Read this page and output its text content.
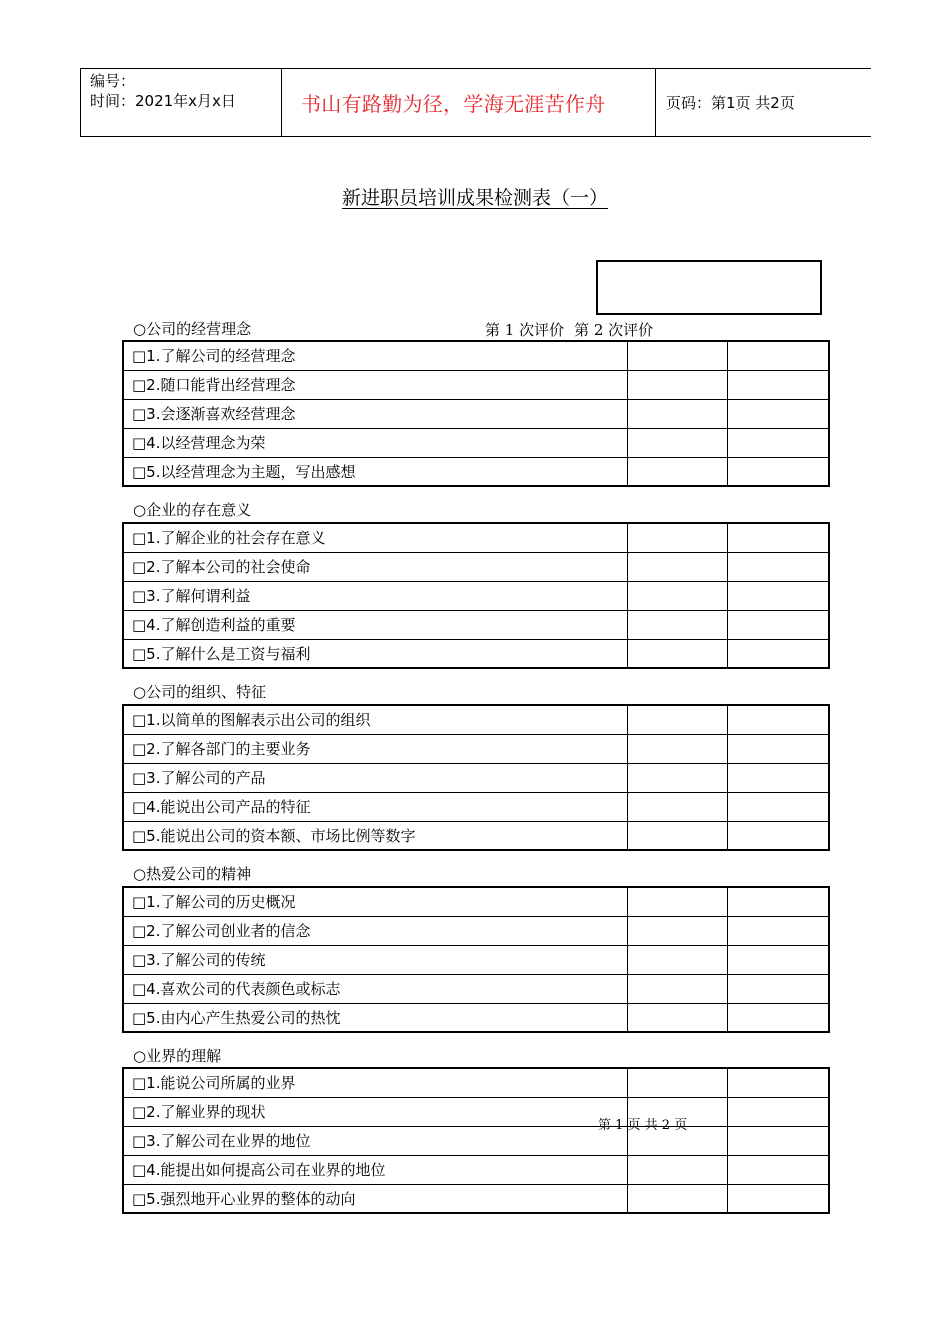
编号：
时间：2021年x月x日	书山有路勤为径，学海无涯苦作舟	页码：第1页 共2页
新进职员培训成果检测表（一）
第 1 次评价 第 2 次评价
○公司的经营理念
□1.了解公司的经营理念		
□2.随口能背出经营理念		
□3.会逐渐喜欢经营理念		
□4.以经营理念为荣		
□5.以经营理念为主题，写出感想		
○企业的存在意义
□1.了解企业的社会存在意义		
□2.了解本公司的社会使命		
□3.了解何谓利益		
□4.了解创造利益的重要		
□5.了解什么是工资与福利		
○公司的组织、特征
□1.以简单的图解表示出公司的组织		
□2.了解各部门的主要业务		
□3.了解公司的产品		
□4.能说出公司产品的特征		
□5.能说出公司的资本额、市场比例等数字		
○热爱公司的精神
□1.了解公司的历史概况		
□2.了解公司创业者的信念		
□3.了解公司的传统		
□4.喜欢公司的代表颜色或标志		
□5.由内心产生热爱公司的热忱		
○业界的理解
□1.能说公司所属的业界		
□2.了解业界的现状		
□3.了解公司在业界的地位		
□4.能提出如何提高公司在业界的地位		
□5.强烈地开心业界的整体的动向		
第 1 页 共 2 页
